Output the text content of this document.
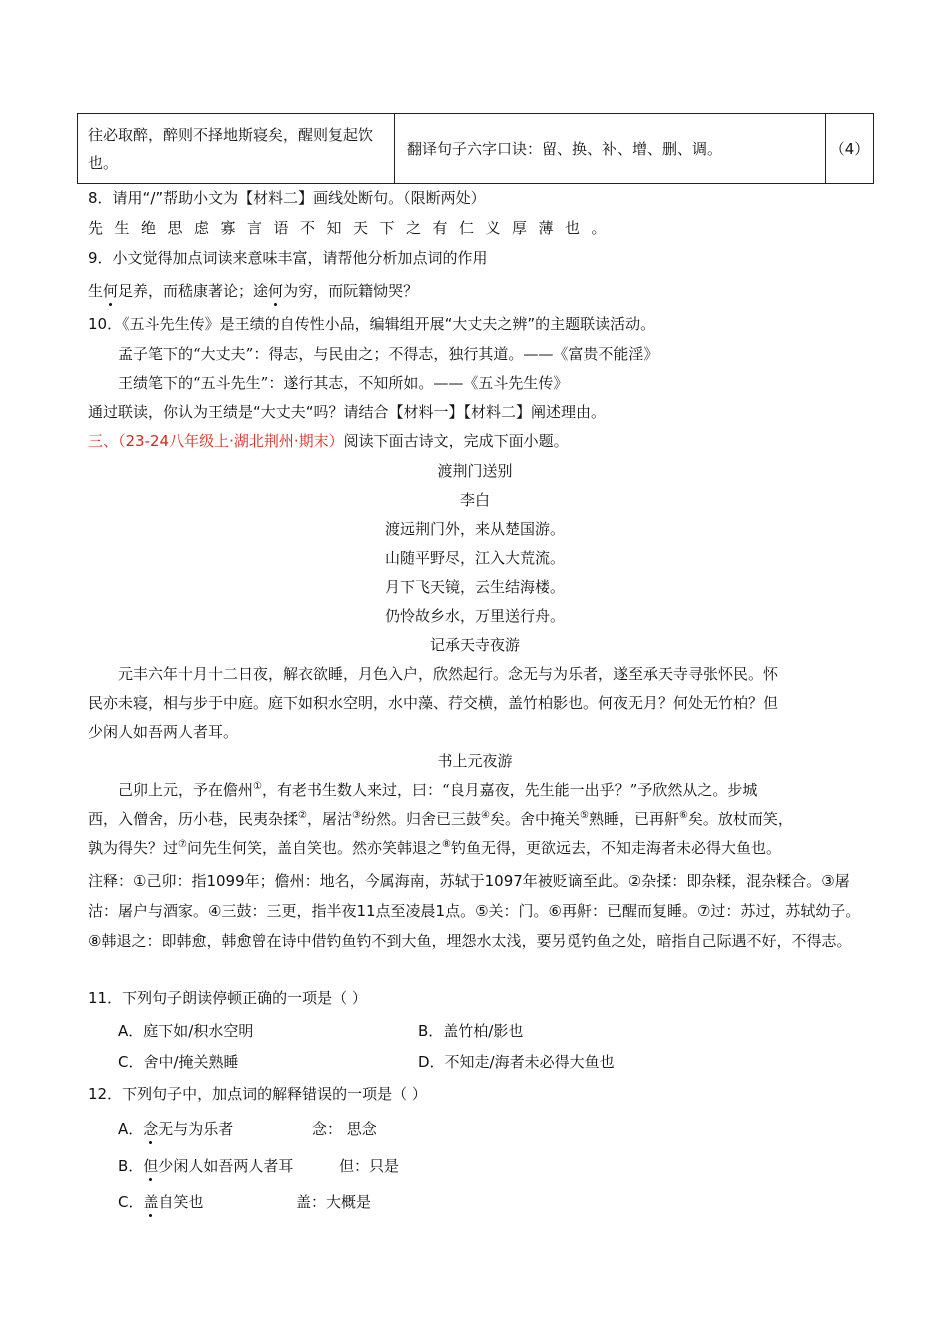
往必取醉，醉则不择地斯寝矣，醒则复起饮也。	翻译句子六字口诀：留、换、补、增、删、调。	（4）
8．请用“/”帮助小文为【材料二】画线处断句。（限断两处）
先生绝思虑寡言语不知天下之有仁义厚薄也。
9．小文觉得加点词读来意味丰富，请帮他分析加点词的作用
生何足养，而嵇康著论；途何为穷，而阮籍恸哭？
10．《五斗先生传》是王绩的自传性小品，编辑组开展“大丈夫之辨”的主题联读活动。
孟子笔下的“大丈夫”：得志，与民由之；不得志，独行其道。——《富贵不能淫》
王绩笔下的“五斗先生”：遂行其志，不知所如。——《五斗先生传》
通过联读，你认为王绩是“大丈夫“吗？请结合【材料一】【材料二】阐述理由。
三、（23-24八年级上·湖北荆州·期末）阅读下面古诗文，完成下面小题。
渡荆门送别
李白
渡远荆门外，来从楚国游。
山随平野尽，江入大荒流。
月下飞天镜，云生结海楼。
仍怜故乡水，万里送行舟。
记承天寺夜游
元丰六年十月十二日夜，解衣欲睡，月色入户，欣然起行。念无与为乐者，遂至承天寺寻张怀民。怀
民亦未寝，相与步于中庭。庭下如积水空明，水中藻、荇交横，盖竹柏影也。何夜无月？何处无竹柏？但
少闲人如吾两人者耳。
书上元夜游
己卯上元，予在儋州①，有老书生数人来过，曰：“良月嘉夜，先生能一出乎？”予欣然从之。步城
西，入僧舍，历小巷，民夷杂揉②，屠沽③纷然。归舍已三鼓④矣。舍中掩关⑤熟睡，已再鼾⑥矣。放杖而笑，
孰为得失？过⑦问先生何笑，盖自笑也。然亦笑韩退之⑧钓鱼无得，更欲远去，不知走海者未必得大鱼也。
注释：①己卯：指1099年；儋州：地名，今属海南，苏轼于1097年被贬谪至此。②杂揉：即杂糅，混杂糅合。③屠沽：屠户与酒家。④三鼓：三更，指半夜11点至凌晨1点。⑤关：门。⑥再鼾：已醒而复睡。⑦过：苏过，苏轼幼子。⑧韩退之：即韩愈，韩愈曾在诗中借钓鱼钓不到大鱼，埋怨水太浅，要另觅钓鱼之处，暗指自己际遇不好，不得志。
11．下列句子朗读停顿正确的一项是（ ）
A．庭下如/积水空明	B．盖竹柏/影也
C．舍中/掩关熟睡	D．不知走/海者未必得大鱼也
12．下列句子中，加点词的解释错误的一项是（ ）
A．念无与为乐者	念： 思念
B．但少闲人如吾两人者耳	但：只是
C．盖自笑也	盖：大概是
